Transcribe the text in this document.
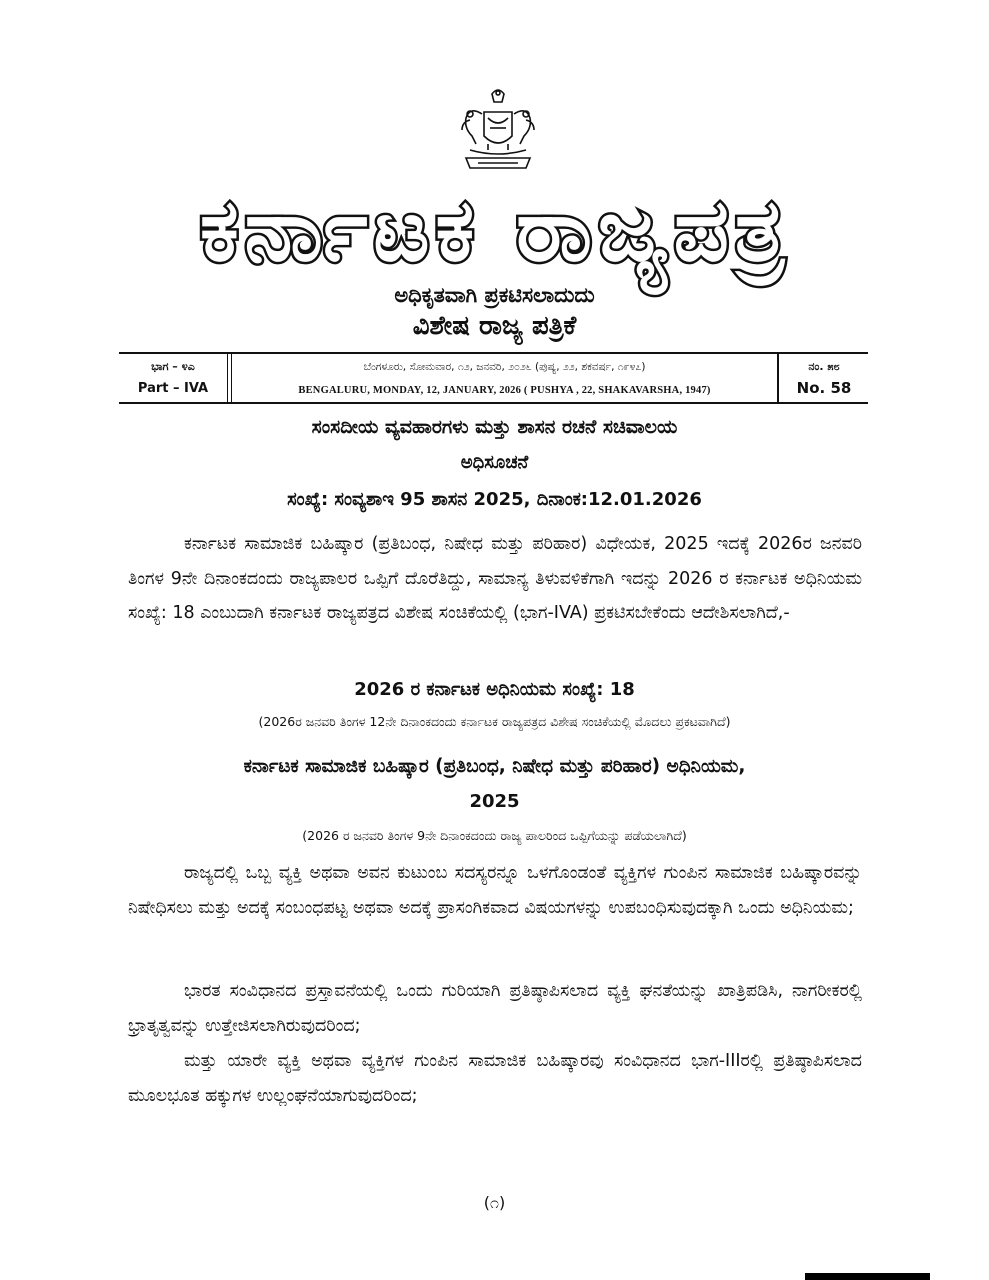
ಕರ್ನಾಟಕ ರಾಜ್ಯಪತ್ರ
ಅಧಿಕೃತವಾಗಿ ಪ್ರಕಟಿಸಲಾದುದು
ವಿಶೇಷ ರಾಜ್ಯ ಪತ್ರಿಕೆ
ಭಾಗ – ೪ಎ
Part – IVA
ಬೆಂಗಳೂರು, ಸೋಮವಾರ, ೧೨, ಜನವರಿ, ೨೦೨೬ (ಪುಷ್ಯ, ೨೨, ಶಕವರ್ಷ, ೧೯೪೭)
BENGALURU, MONDAY, 12, JANUARY, 2026 ( PUSHYA , 22, SHAKAVARSHA, 1947)
ನಂ. ೫೮
No. 58
ಸಂಸದೀಯ ವ್ಯವಹಾರಗಳು ಮತ್ತು ಶಾಸನ ರಚನೆ ಸಚಿವಾಲಯ
ಅಧಿಸೂಚನೆ
ಸಂಖ್ಯೆ: ಸಂವ್ಯಶಾಇ 95 ಶಾಸನ 2025, ದಿನಾಂಕ:12.01.2026
ಕರ್ನಾಟಕ ಸಾಮಾಜಿಕ ಬಹಿಷ್ಕಾರ (ಪ್ರತಿಬಂಧ, ನಿಷೇಧ ಮತ್ತು ಪರಿಹಾರ) ವಿಧೇಯಕ, 2025 ಇದಕ್ಕೆ 2026ರ ಜನವರಿ ತಿಂಗಳ 9ನೇ ದಿನಾಂಕದಂದು ರಾಜ್ಯಪಾಲರ ಒಪ್ಪಿಗೆ ದೊರೆತಿದ್ದು, ಸಾಮಾನ್ಯ ತಿಳುವಳಿಕೆಗಾಗಿ ಇದನ್ನು 2026 ರ ಕರ್ನಾಟಕ ಅಧಿನಿಯಮ ಸಂಖ್ಯೆ: 18 ಎಂಬುದಾಗಿ ಕರ್ನಾಟಕ ರಾಜ್ಯಪತ್ರದ ವಿಶೇಷ ಸಂಚಿಕೆಯಲ್ಲಿ (ಭಾಗ-IVA) ಪ್ರಕಟಿಸಬೇಕೆಂದು ಆದೇಶಿಸಲಾಗಿದೆ,-
2026 ರ ಕರ್ನಾಟಕ ಅಧಿನಿಯಮ ಸಂಖ್ಯೆ: 18
(2026ರ ಜನವರಿ ತಿಂಗಳ 12ನೇ ದಿನಾಂಕದಂದು ಕರ್ನಾಟಕ ರಾಜ್ಯಪತ್ರದ ವಿಶೇಷ ಸಂಚಿಕೆಯಲ್ಲಿ ಮೊದಲು ಪ್ರಕಟವಾಗಿದೆ)
ಕರ್ನಾಟಕ ಸಾಮಾಜಿಕ ಬಹಿಷ್ಕಾರ (ಪ್ರತಿಬಂಧ, ನಿಷೇಧ ಮತ್ತು ಪರಿಹಾರ) ಅಧಿನಿಯಮ,
2025
(2026 ರ ಜನವರಿ ತಿಂಗಳ 9ನೇ ದಿನಾಂಕದಂದು ರಾಜ್ಯ ಪಾಲರಿಂದ ಒಪ್ಪಿಗೆಯನ್ನು ಪಡೆಯಲಾಗಿದೆ)
ರಾಜ್ಯದಲ್ಲಿ ಒಬ್ಬ ವ್ಯಕ್ತಿ ಅಥವಾ ಅವನ ಕುಟುಂಬ ಸದಸ್ಯರನ್ನೂ ಒಳಗೊಂಡಂತೆ ವ್ಯಕ್ತಿಗಳ ಗುಂಪಿನ ಸಾಮಾಜಿಕ ಬಹಿಷ್ಕಾರವನ್ನು ನಿಷೇಧಿಸಲು ಮತ್ತು ಅದಕ್ಕೆ ಸಂಬಂಧಪಟ್ಟ ಅಥವಾ ಅದಕ್ಕೆ ಪ್ರಾಸಂಗಿಕವಾದ ವಿಷಯಗಳನ್ನು ಉಪಬಂಧಿಸುವುದಕ್ಕಾಗಿ ಒಂದು ಅಧಿನಿಯಮ;
ಭಾರತ ಸಂವಿಧಾನದ ಪ್ರಸ್ತಾವನೆಯಲ್ಲಿ ಒಂದು ಗುರಿಯಾಗಿ ಪ್ರತಿಷ್ಠಾಪಿಸಲಾದ ವ್ಯಕ್ತಿ ಘನತೆಯನ್ನು ಖಾತ್ರಿಪಡಿಸಿ, ನಾಗರೀಕರಲ್ಲಿ ಭ್ರಾತೃತ್ವವನ್ನು ಉತ್ತೇಜಿಸಲಾಗಿರುವುದರಿಂದ;
ಮತ್ತು ಯಾರೇ ವ್ಯಕ್ತಿ ಅಥವಾ ವ್ಯಕ್ತಿಗಳ ಗುಂಪಿನ ಸಾಮಾಜಿಕ ಬಹಿಷ್ಕಾರವು ಸಂವಿಧಾನದ ಭಾಗ-IIIರಲ್ಲಿ ಪ್ರತಿಷ್ಠಾಪಿಸಲಾದ ಮೂಲಭೂತ ಹಕ್ಕುಗಳ ಉಲ್ಲಂಘನೆಯಾಗುವುದರಿಂದ;
(೧)
